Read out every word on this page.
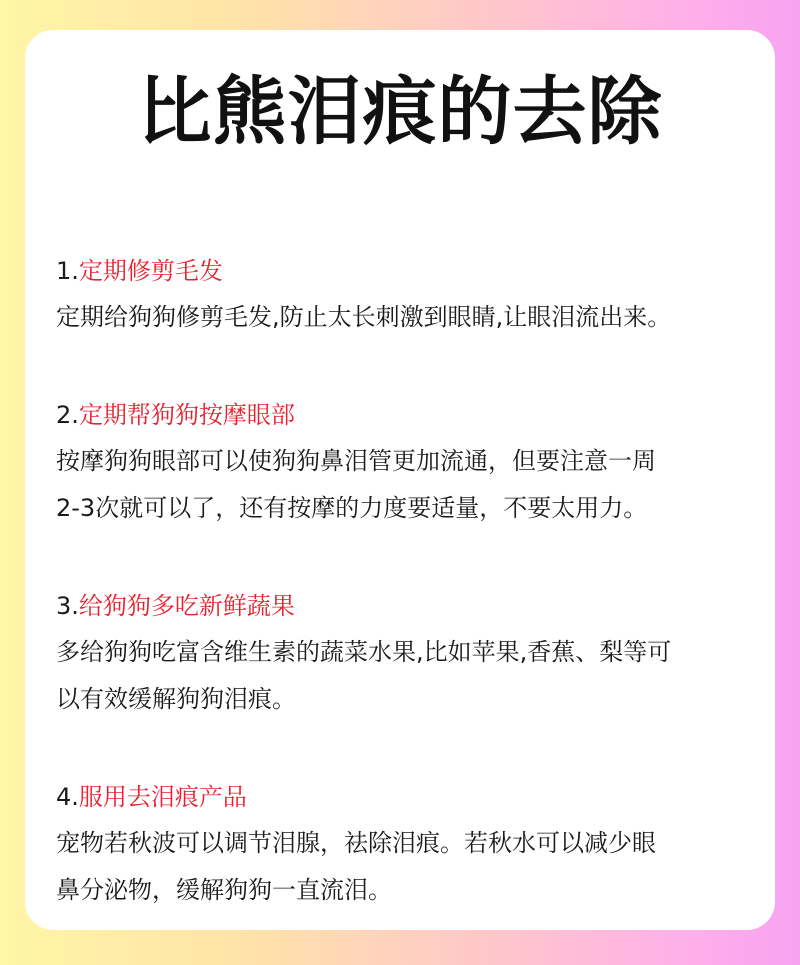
比熊泪痕的去除
1.定期修剪毛发

定期给狗狗修剪毛发,防止太长刺激到眼睛,让眼泪流出来。

2.定期帮狗狗按摩眼部

按摩狗狗眼部可以使狗狗鼻泪管更加流通，但要注意一周

2-3次就可以了，还有按摩的力度要适量，不要太用力。

3.给狗狗多吃新鲜蔬果

多给狗狗吃富含维生素的蔬菜水果,比如苹果,香蕉、梨等可

以有效缓解狗狗泪痕。

4.服用去泪痕产品

宠物若秋波可以调节泪腺，祛除泪痕。若秋水可以减少眼

鼻分泌物，缓解狗狗一直流泪。
